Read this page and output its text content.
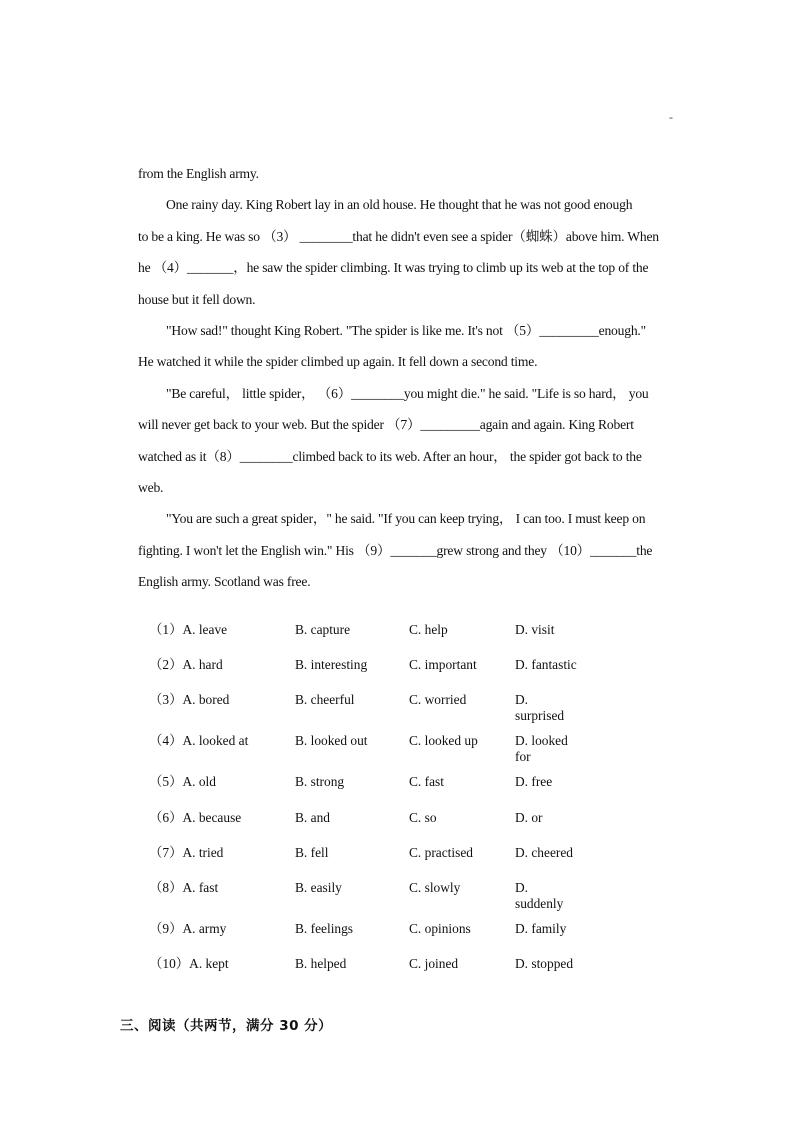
-
from the English army.
One rainy day. King Robert lay in an old house. He thought that he was not good enough
to be a king. He was so （3） ________that he didn't even see a spider（蜘蛛）above him. When
he （4）_______，he saw the spider climbing. It was trying to climb up its web at the top of the
house but it fell down.
"How sad!" thought King Robert. "The spider is like me. It's not （5）_________enough."
He watched it while the spider climbed up again. It fell down a second time.
"Be careful， little spider， （6）________you might die." he said. "Life is so hard， you
will never get back to your web. But the spider （7）_________again and again. King Robert
watched as it（8）________climbed back to its web. After an hour， the spider got back to the
web.
"You are such a great spider，" he said. "If you can keep trying， I can too. I must keep on
fighting. I won't let the English win." His （9）_______grew strong and they （10）_______the
English army. Scotland was free.
（1）A. leave	B. capture	C. help	D. visit
（2）A. hard	B. interesting	C. important	D. fantastic
（3）A. bored	B. cheerful	C. worried	D. surprised
（4）A. looked at	B. looked out	C. looked up	D. looked for
（5）A. old	B. strong	C. fast	D. free
（6）A. because	B. and	C. so	D. or
（7）A. tried	B. fell	C. practised	D. cheered
（8）A. fast	B. easily	C. slowly	D. suddenly
（9）A. army	B. feelings	C. opinions	D. family
（10）A. kept	B. helped	C. joined	D. stopped
三、阅读（共两节，满分 30 分）
